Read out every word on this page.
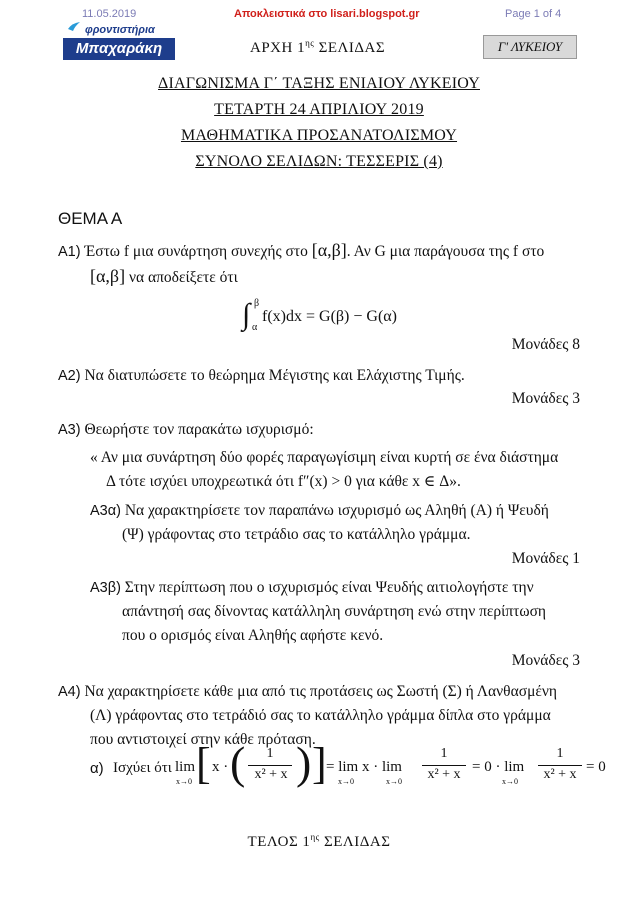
11.05.2019	Αποκλειστικά στο lisari.blogspot.gr	Page 1 of 4
φροντιστήρια
Μπαχαράκη	ΑΡΧΗ $1^{\eta\varsigma}$ ΣΕΛΙΔΑΣ	Γ' ΛΥΚΕΙΟΥ
ΔΙΑΓΩΝΙΣΜΑ Γ΄ ΤΑΞΗΣ ΕΝΙΑΙΟΥ ΛΥΚΕΙΟΥ
ΤΕΤΑΡΤΗ 24 ΑΠΡΙΛΙΟΥ 2019
ΜΑΘΗΜΑΤΙΚΑ ΠΡΟΣΑΝΑΤΟΛΙΣΜΟΥ
ΣΥΝΟΛΟ ΣΕΛΙΔΩΝ: ΤΕΣΣΕΡΙΣ (4)
ΘΕΜΑ Α
Α1) Έστω f μια συνάρτηση συνεχής στο [α,β]. Αν G μια παράγουσα της f στο
[α,β] να αποδείξετε ότι
∫ β
α
f(x)dx = G(β) − G(α)
Μονάδες 8
Α2) Να διατυπώσετε το θεώρημα Μέγιστης και Ελάχιστης Τιμής.
Μονάδες 3
Α3) Θεωρήστε τον παρακάτω ισχυρισμό:
« Αν μια συνάρτηση δύο φορές παραγωγίσιμη είναι κυρτή σε ένα διάστημα
Δ τότε ισχύει υποχρεωτικά ότι f″(x) > 0 για κάθε x ∈ Δ».
Α3α) Να χαρακτηρίσετε τον παραπάνω ισχυρισμό ως Αληθή (Α) ή Ψευδή
(Ψ) γράφοντας στο τετράδιο σας το κατάλληλο γράμμα.
Μονάδες 1
Α3β) Στην περίπτωση που ο ισχυρισμός είναι Ψευδής αιτιολογήστε την
απάντησή σας δίνοντας κατάλληλη συνάρτηση ενώ στην περίπτωση
που ο ορισμός είναι Αληθής αφήστε κενό.
Μονάδες 3
Α4) Να χαρακτηρίσετε κάθε μια από τις προτάσεις ως Σωστή (Σ) ή Λανθασμένη
(Λ) γράφοντας στο τετράδιό σας το κατάλληλο γράμμα δίπλα στο γράμμα
που αντιστοιχεί στην κάθε πρόταση.
α) Ισχύει ότι lim
x→0 [ x · (	1
x² + x ) ] = lim x · lim
x→0	x→0
1
x² + x = 0 · lim
x→0
1
x² + x = 0
ΤΕΛΟΣ $1^{\eta\varsigma}$ ΣΕΛΙΔΑΣ
